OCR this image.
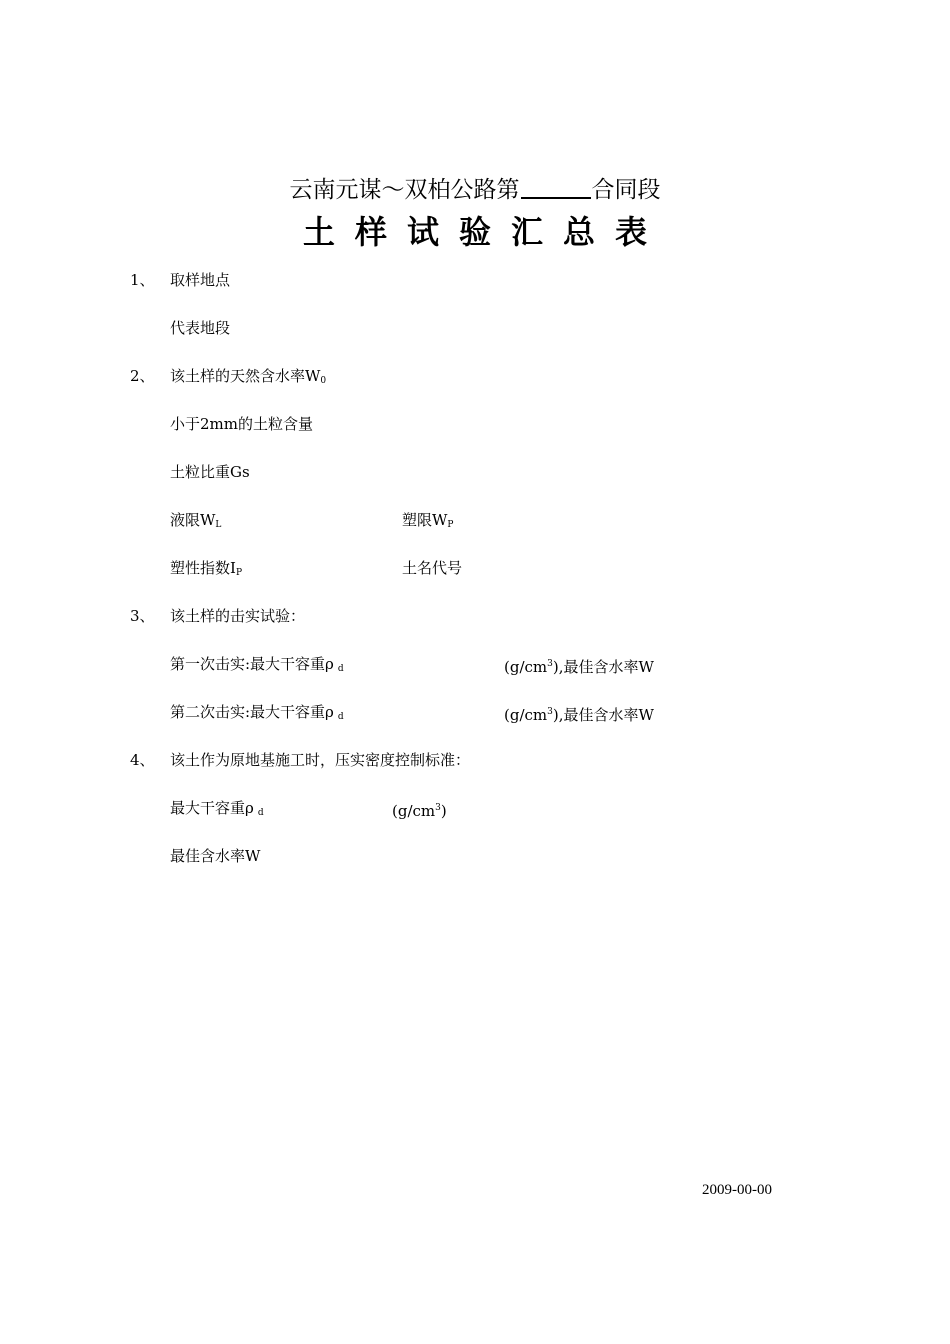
云南元谋～双柏公路第	合同段
土样试验汇总表
1、 取样地点
代表地段
2、 该土样的天然含水率$W_0$
小于2mm的土粒含量
土粒比重Gs
液限$W_L$	塑限$W_P$
塑性指数$I_P$	土名代号
3、 该土样的击实试验：
第一次击实:最大干容重ρ $_d$	$(g/cm^3)$,最佳含水率W
第二次击实:最大干容重ρ $_d$	$(g/cm^3)$,最佳含水率W
4、 该土作为原地基施工时，压实密度控制标准：
最大干容重ρ $_d$	$(g/cm^3)$
最佳含水率W
2009-00-00
